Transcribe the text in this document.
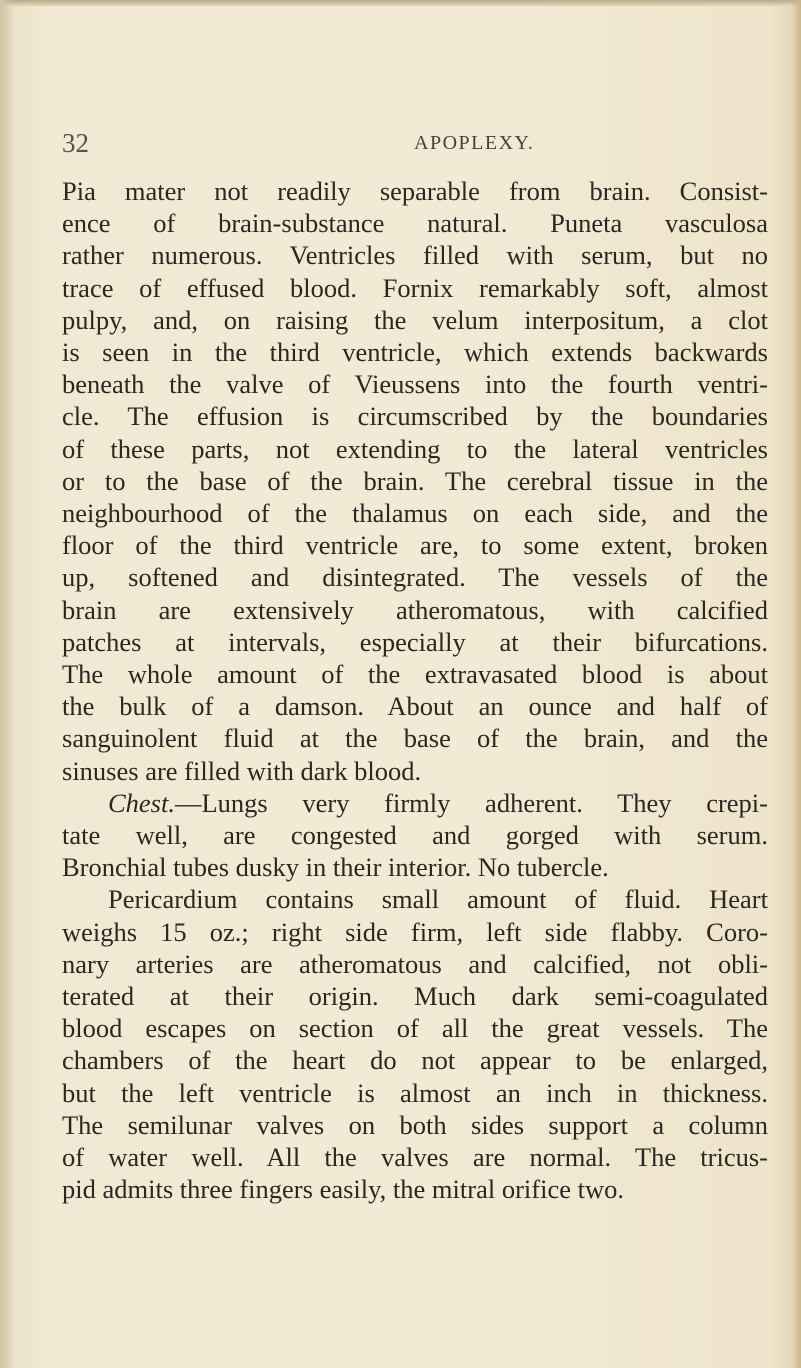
32	APOPLEXY.
Pia mater not readily separable from brain. Consist-
ence of brain-substance natural. Puneta vasculosa
rather numerous. Ventricles filled with serum, but no
trace of effused blood. Fornix remarkably soft, almost
pulpy, and, on raising the velum interpositum, a clot
is seen in the third ventricle, which extends backwards
beneath the valve of Vieussens into the fourth ventri-
cle. The effusion is circumscribed by the boundaries
of these parts, not extending to the lateral ventricles
or to the base of the brain. The cerebral tissue in the
neighbourhood of the thalamus on each side, and the
floor of the third ventricle are, to some extent, broken
up, softened and disintegrated. The vessels of the
brain are extensively atheromatous, with calcified
patches at intervals, especially at their bifurcations.
The whole amount of the extravasated blood is about
the bulk of a damson. About an ounce and half of
sanguinolent fluid at the base of the brain, and the
sinuses are filled with dark blood.
Chest.—Lungs very firmly adherent. They crepi-
tate well, are congested and gorged with serum.
Bronchial tubes dusky in their interior. No tubercle.
Pericardium contains small amount of fluid. Heart
weighs 15 oz.; right side firm, left side flabby. Coro-
nary arteries are atheromatous and calcified, not obli-
terated at their origin. Much dark semi-coagulated
blood escapes on section of all the great vessels. The
chambers of the heart do not appear to be enlarged,
but the left ventricle is almost an inch in thickness.
The semilunar valves on both sides support a column
of water well. All the valves are normal. The tricus-
pid admits three fingers easily, the mitral orifice two.
